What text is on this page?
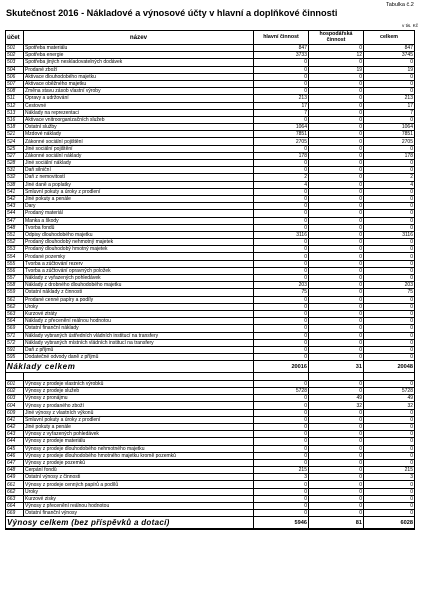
Tabulka č.2
Skutečnost 2016 - Nákladové a výnosové účty v hlavní a doplňkové činnosti
v tis. Kč
účet	název	hlavní činnost	hospodářská činnost	celkem
501	Spotřeba materiálu	847	0	847
502	Spotřeba energie	3733	12	3745
503	Spotřeba jiných neskladovatelných dodávek	0	0	0
504	Prodané zboží	0	19	19
506	Aktivace dlouhodobého majetku	0	0	0
507	Aktivace oběžného majetku	0	0	0
508	Změna stavu zásob vlastní výroby	0	0	0
511	Opravy a udržování	213	0	213
512	Cestovné	17	0	17
513	Náklady na reprezentaci	7	0	7
516	Aktivace vnitroorganizačních služeb	0	0	0
518	Ostatní služby	1064	0	1064
521	Mzdové náklady	7851	0	7851
524	Zákonné sociální pojištění	2705	0	2705
525	Jiné sociální pojištění	0	0	0
527	Zákonné sociální náklady	178	0	178
528	Jiné sociální náklady	0	0	0
531	Daň silniční	0	0	0
532	Daň z nemovitostí	2	0	2
538	Jiné daně a poplatky	4	0	4
541	Smluvní pokuty a úroky z prodlení	0	0	0
542	Jiné pokuty a penále	0	0	0
543	Dary	0	0	0
544	Prodaný materiál	0	0	0
547	Manka a škody	0	0	0
548	Tvorba fondů	0	0	0
551	Odpisy dlouhodobého majetku	3116	0	3116
552	Prodaný dlouhodobý nehmotný majetek	0	0	0
553	Prodaný dlouhodobý hmotný majetek	0	0	0
554	Prodané pozemky	0	0	0
555	Tvorba a zúčtování rezerv	0	0	0
556	Tvorba a zúčtování opravných položek	0	0	0
557	Náklady z vyřazených pohledávek	0	0	0
558	Náklady z drobného dlouhodobého majetku	203	0	203
559	Ostatní náklady z činnosti	75	0	75
561	Prodané cenné papíry a podíly	0	0	0
562	Úroky	0	0	0
563	Kurzové ztráty	0	0	0
564	Náklady z přecenění reálnou hodnotou	0	0	0
569	Ostatní finanční náklady	0	0	0
571	Náklady vybraných ústředních vládních institucí na transfery	0	0	0
572	Náklady vybraných místních vládních institucí na transfery	0	0	0
591	Daň z příjmů	0	0	0
595	Dodatečné odvody daně z příjmů	0	0	0
Náklady celkem		20016	31	20048

601	Výnosy z prodeje vlastních výrobků	0	0	0
602	Výnosy z prodeje služeb	5728	0	5728
603	Výnosy z pronájmu	0	49	49
604	Výnosy z prodaného zboží	0	32	32
609	Jiné výnosy z vlastních výkonů	0	0	0
641	Smluvní pokuty a úroky z prodlení	0	0	0
642	Jiné pokuty a penále	0	0	0
643	Výnosy z vyřazených pohledávek	0	0	0
644	Výnosy z prodeje materiálu	0	0	0
645	Výnosy z prodeje dlouhodobého nehmotného majetku	0	0	0
646	Výnosy z prodeje dlouhodobého hmotného majetku kromě pozemků	0	0	0
647	Výnosy z prodeje pozemků	0	0	0
648	Čerpání fondů	215	0	215
649	Ostatní výnosy z činnosti	3	0	3
661	Výnosy z prodeje cenných papírů a podílů	0	0	0
662	Úroky	0	0	0
663	Kurzové zisky	0	0	0
664	Výnosy z přecenění reálnou hodnotou	0	0	0
669	Ostatní finanční výnosy	0	0	0
Výnosy celkem (bez příspěvků a dotací)		5946	81	6028
